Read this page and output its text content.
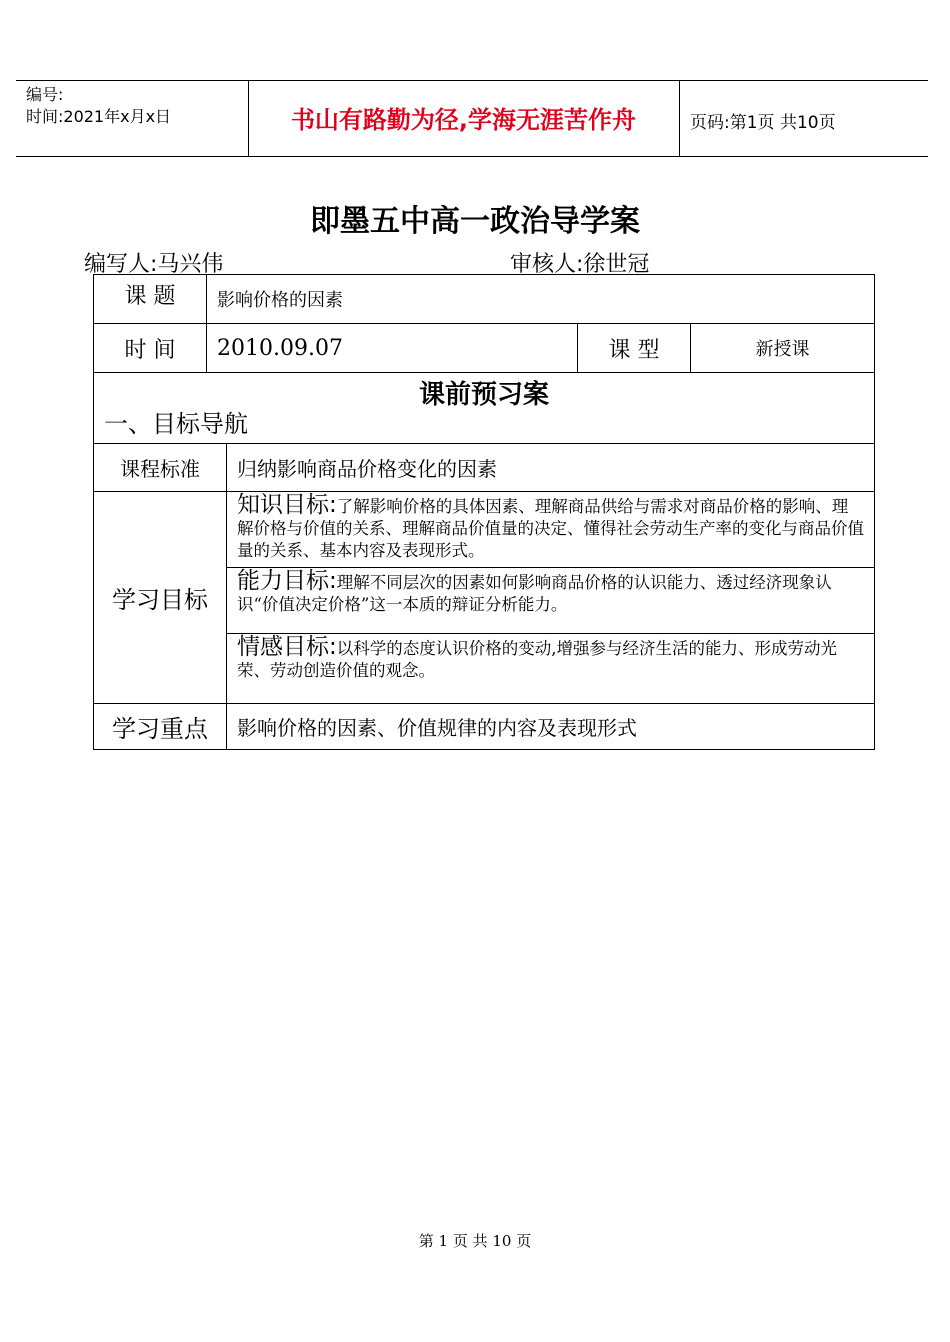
编号:
时间:2021年x月x日	书山有路勤为径,学海无涯苦作舟	页码:第1页 共10页
即墨五中高一政治导学案
编写人:马兴伟	审核人:徐世冠
课 题	影响价格的因素		
时 间	2010.09.07	课 型	新授课
课前预习案
一、目标导航
课程标准	归纳影响商品价格变化的因素
学习目标	知识目标:了解影响价格的具体因素、理解商品供给与需求对商品价格的影响、理解价格与价值的关系、理解商品价值量的决定、懂得社会劳动生产率的变化与商品价值量的关系、基本内容及表现形式。

	能力目标:理解不同层次的因素如何影响商品价格的认识能力、透过经济现象认识“价值决定价格”这一本质的辩证分析能力。

	情感目标:以科学的态度认识价格的变动,增强参与经济生活的能力、形成劳动光荣、劳动创造价值的观念。

学习重点	影响价格的因素、价值规律的内容及表现形式
第 1 页 共 10 页
